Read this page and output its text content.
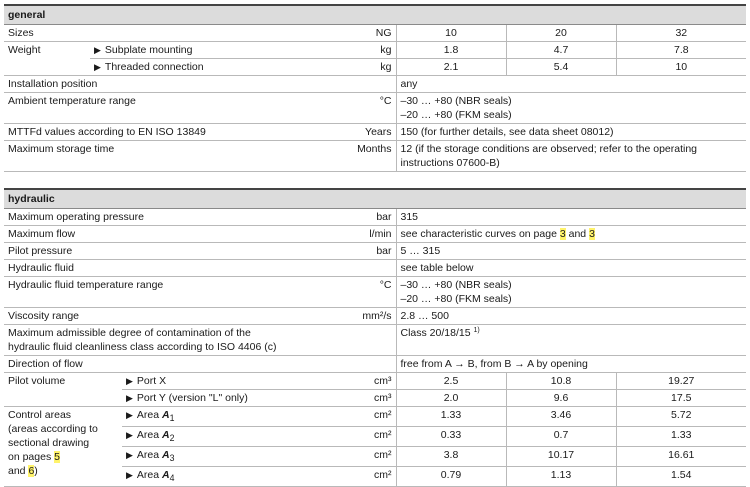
general					
Sizes		NG	10	20	32
Weight	▶ Subplate mounting	kg	1.8	4.7	7.8
	▶ Threaded connection	kg	2.1	5.4	10
Installation position			any		
Ambient temperature range		°C	–30 … +80 (NBR seals)
–20 … +80 (FKM seals)		

MTTFd values according to EN ISO 13849		Years	150 (for further details, see data sheet 08012)		
Maximum storage time		Months	12 (if the storage conditions are observed; refer to the operating
instructions 07600-B)		
hydraulic					
Maximum operating pressure		bar	315		
Maximum flow		l/min	see characteristic curves on page 3 and 3		
Pilot pressure		bar	5 … 315		
Hydraulic fluid			see table below		
Hydraulic fluid temperature range		°C	–30 … +80 (NBR seals)
–20 … +80 (FKM seals)		

Viscosity range		mm²/s	2.8 … 500		

Maximum admissible degree of contamination of the
hydraulic fluid cleanliness class according to ISO 4406 (c)			Class 20/18/15 $^{1)}$
Direction of flow			free from A → B, from B → A by opening		
Pilot volume	▶ Port X	cm³	2.5	10.8	19.27
	▶ Port Y (version "L" only)	cm³	2.0	9.6	17.5

Control areas
(areas according to
sectional drawing
on pages 5
and 6)	▶ Area $A_1$	cm²	1.33	3.46	5.72
	▶ Area $A_2$	cm²	0.33	0.7	1.33
	▶ Area $A_3$	cm²	3.8	10.17	16.61
	▶ Area $A_4$	cm²	0.79	1.13	1.54
